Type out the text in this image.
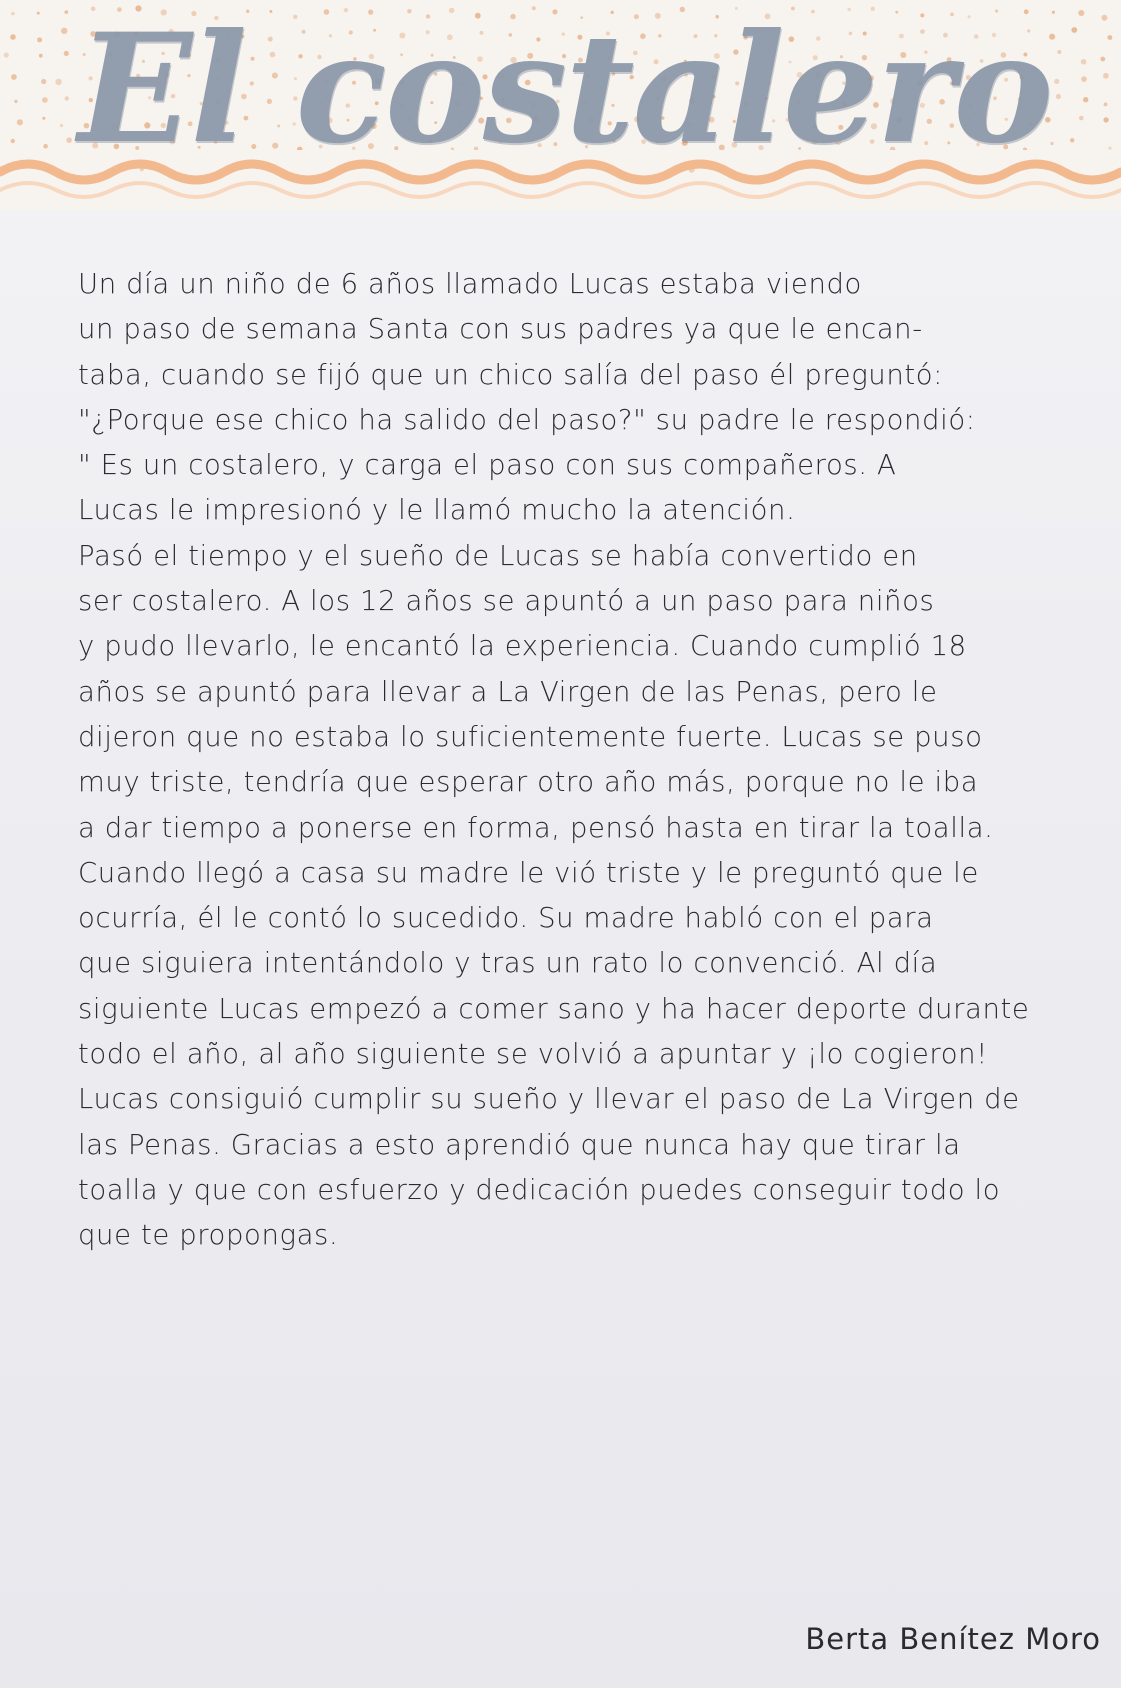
El costalero
Un día un niño de 6 años llamado Lucas estaba viendo
un paso de semana Santa con sus padres ya que le encan-
taba, cuando se fijó que un chico salía del paso él preguntó:
"¿Porque ese chico ha salido del paso?" su padre le respondió:
" Es un costalero, y carga el paso con sus compañeros. A
Lucas le impresionó y le llamó mucho la atención.
Pasó el tiempo y el sueño de Lucas se había convertido en
ser costalero. A los 12 años se apuntó a un paso para niños
y pudo llevarlo, le encantó la experiencia. Cuando cumplió 18
años se apuntó para llevar a La Virgen de las Penas, pero le
dijeron que no estaba lo suficientemente fuerte. Lucas se puso
muy triste, tendría que esperar otro año más, porque no le iba
a dar tiempo a ponerse en forma, pensó hasta en tirar la toalla.
Cuando llegó a casa su madre le vió triste y le preguntó que le
ocurría, él le contó lo sucedido. Su madre habló con el para
que siguiera intentándolo y tras un rato lo convenció. Al día
siguiente Lucas empezó a comer sano y ha hacer deporte durante
todo el año, al año siguiente se volvió a apuntar y ¡lo cogieron!
Lucas consiguió cumplir su sueño y llevar el paso de La Virgen de
las Penas. Gracias a esto aprendió que nunca hay que tirar la
toalla y que con esfuerzo y dedicación puedes conseguir todo lo
que te propongas.
Berta Benítez Moro
